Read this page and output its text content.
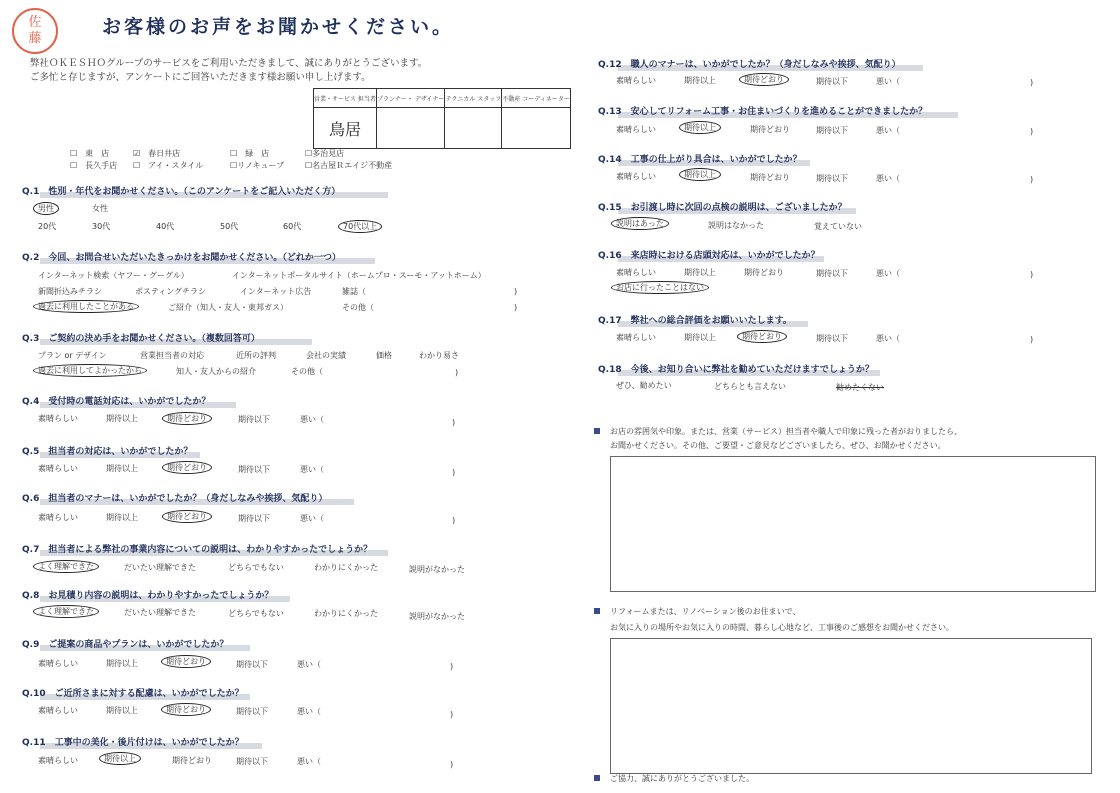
佐
藤
お客様のお声をお聞かせください。
弊社ＯＫＥＳＨＯグループのサービスをご利用いただきまして、誠にありがとうございます。
ご多忙と存じますが、アンケートにご回答いただきます様お願い申し上げます。
営業・サービス 担当者	プランナー・ デザイナー	テクニカル スタッフ	不動産 コーディネーター
鳥居			
☐　東　店	☑　春日井店	☐　緑　店	☐多治見店
☐　長久手店 ☐　アイ・スタイル	☐リノキューブ	☐名古屋Ｒエイジ不動産
Q.1　性別・年代をお聞かせください。（このアンケートをご記入いただく方）
男性	女性
20代	30代	40代	50代	60代	70代以上
Q.2　今回、お問合せいただいたきっかけをお聞かせください。（どれか一つ）
インターネット検索（ヤフー・グーグル）	インターネットポータルサイト（ホームプロ・スーモ・アットホーム）
新聞折込みチラシ	ポスティングチラシ	インターネット広告	雑誌（	)
過去に利用したことがある	ご紹介（知人・友人・東邦ガス）	その他（	)
Q.3　ご契約の決め手をお聞かせください。（複数回答可）
プラン or デザイン	営業担当者の対応	近所の評判	会社の実績	価格	わかり易さ
過去に利用してよかったから	知人・友人からの紹介	その他（	)
Q.4　受付時の電話対応は、いかがでしたか？
素晴らしい	期待以上	期待どおり	期待以下	悪い（	)
Q.5　担当者の対応は、いかがでしたか？
素晴らしい	期待以上	期待どおり	期待以下	悪い（	)
Q.6　担当者のマナーは、いかがでしたか？（身だしなみや挨拶、気配り）
素晴らしい	期待以上	期待どおり	期待以下	悪い（	)
Q.7　担当者による弊社の事業内容についての説明は、わかりやすかったでしょうか？
よく理解できた	だいたい理解できた	どちらでもない	わかりにくかった	説明がなかった
Q.8　お見積り内容の説明は、わかりやすかったでしょうか？
よく理解できた	だいたい理解できた	どちらでもない	わかりにくかった	説明がなかった
Q.9　ご提案の商品やプランは、いかがでしたか？
素晴らしい	期待以上	期待どおり	期待以下	悪い（	)
Q.10　ご近所さまに対する配慮は、いかがでしたか？
素晴らしい	期待以上	期待どおり	期待以下	悪い（	)
Q.11　工事中の美化・後片付けは、いかがでしたか？
素晴らしい	期待以上	期待どおり	期待以下	悪い（	)
Q.12　職人のマナーは、いかがでしたか？（身だしなみや挨拶、気配り）
素晴らしい	期待以上	期待どおり	期待以下	悪い（	)
Q.13　安心してリフォーム工事・お住まいづくりを進めることができましたか？
素晴らしい	期待以上	期待どおり	期待以下	悪い（	)
Q.14　工事の仕上がり具合は、いかがでしたか？
素晴らしい	期待以上	期待どおり	期待以下	悪い（	)
Q.15　お引渡し時に次回の点検の説明は、ございましたか？
説明はあった	説明はなかった	覚えていない
Q.16　来店時における店頭対応は、いかがでしたか？
素晴らしい	期待以上	期待どおり	期待以下	悪い（	)
お店に行ったことはない
Q.17　弊社への総合評価をお願いいたします。
素晴らしい	期待以上	期待どおり	期待以下	悪い（	)
Q.18　今後、お知り合いに弊社を勧めていただけますでしょうか？
ぜひ、勧めたい	どちらとも言えない	勧めたくない
お店の雰囲気や印象。または、営業（サービス）担当者や職人で印象に残った者がおりましたら、
お聞かせください。その他、ご要望・ご意見などございましたら、ぜひ、お聞かせください。
リフォームまたは、リノベーション後のお住まいで、
お気に入りの場所やお気に入りの時間、暮らし心地など、工事後のご感想をお聞かせください。
ご協力、誠にありがとうございました。
